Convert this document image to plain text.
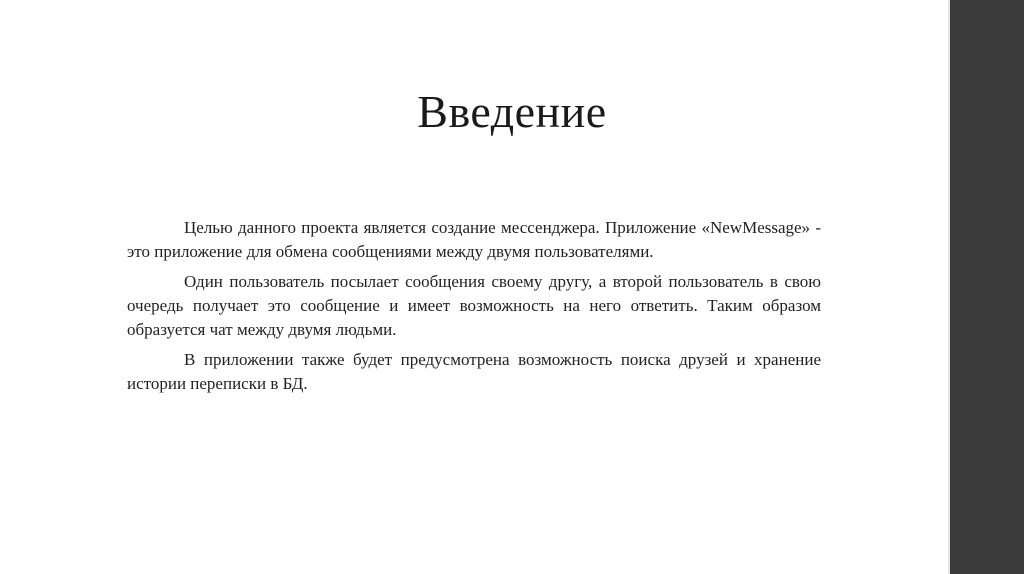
Введение

Целью данного проекта является создание мессенджера. Приложение «NewMessage» - это приложение для обмена сообщениями между двумя пользователями.

Один пользователь посылает сообщения своему другу, а второй пользователь в свою очередь получает это сообщение и имеет возможность на него ответить. Таким образом образуется чат между двумя людьми.

В приложении также будет предусмотрена возможность поиска друзей и хранение истории переписки в БД.
